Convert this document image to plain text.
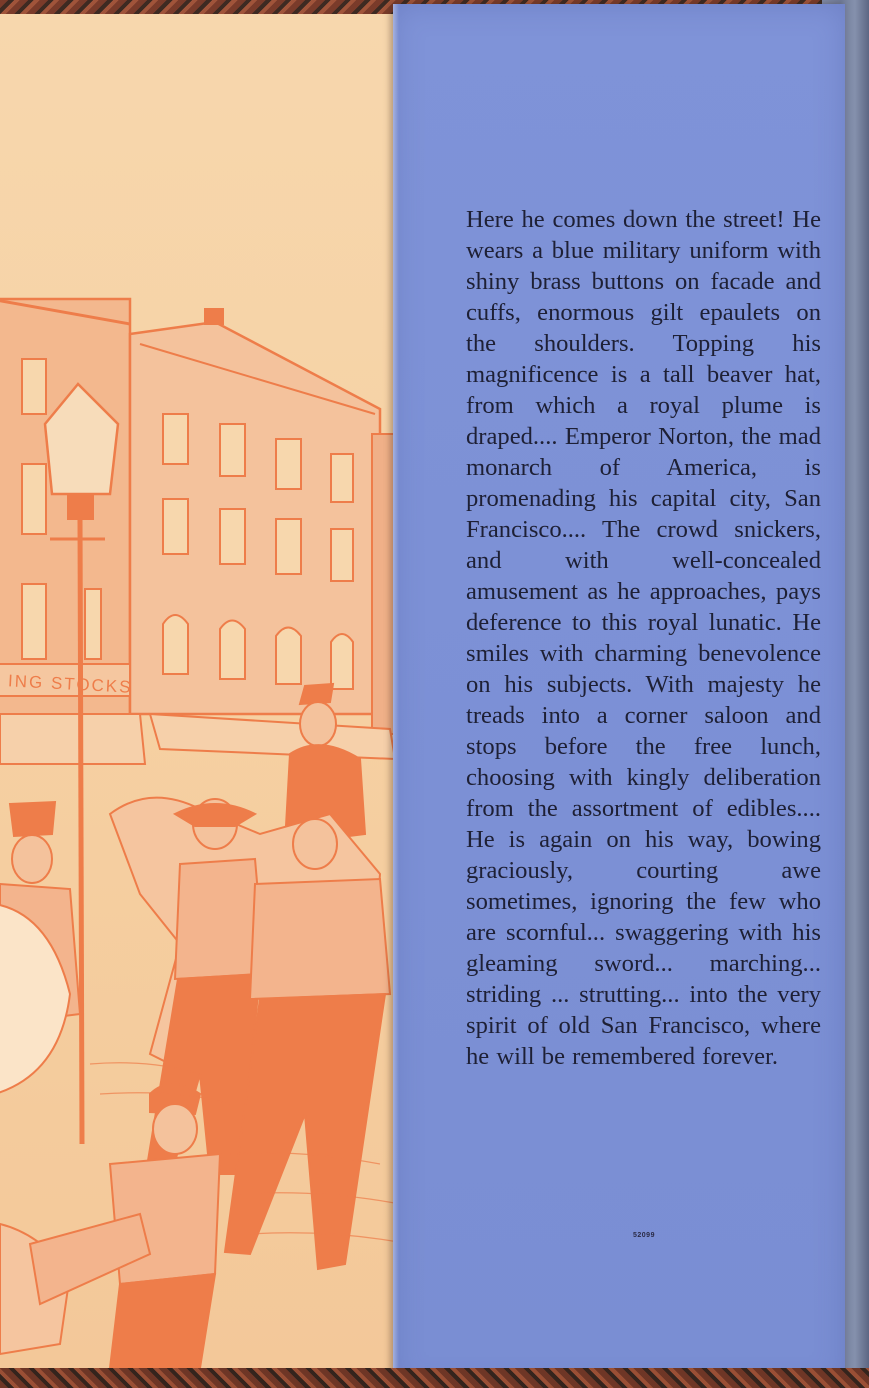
ING STOCKS

Here he comes down the street! He wears a blue military uniform with shiny brass buttons on facade and cuffs, enormous gilt epaulets on the shoulders. Topping his magnificence is a tall beaver hat, from which a royal plume is draped.... Emperor Norton, the mad monarch of America, is promenading his capital city, San Francisco.... The crowd snickers, and with well-concealed amusement as he approaches, pays deference to this royal lunatic. He smiles with charming benevolence on his subjects. With majesty he treads into a corner saloon and stops before the free lunch, choosing with kingly deliberation from the assortment of edibles.... He is again on his way, bowing graciously, courting awe sometimes, ignoring the few who are scornful... swaggering with his gleaming sword... marching... striding ... strutting... into the very spirit of old San Francisco, where he will be remembered forever.

52099
